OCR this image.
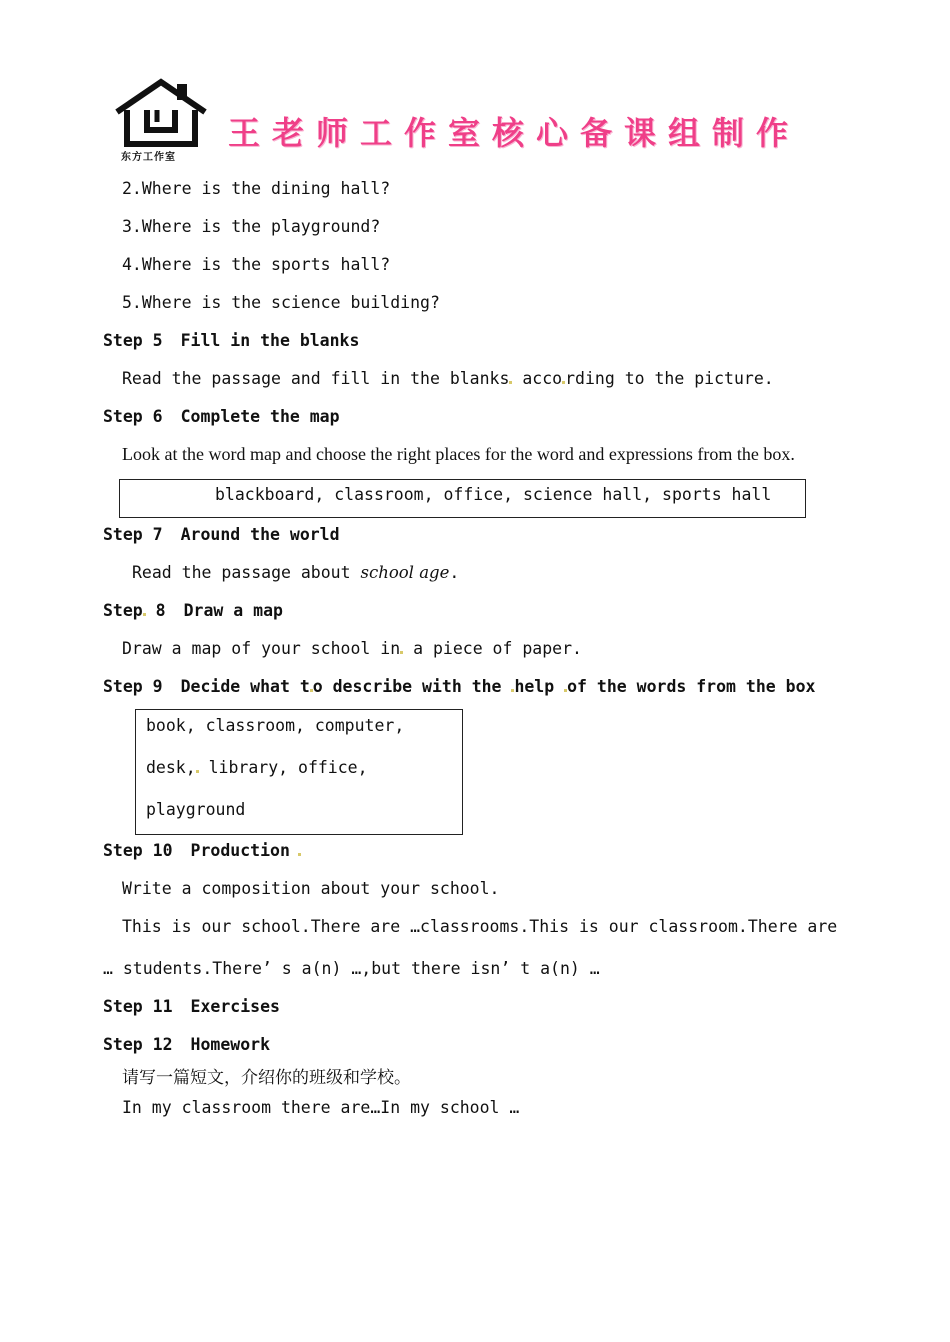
东方工作室
王老师工作室核心备课组制作
2.Where is the dining hall?
3.Where is the playground?
4.Where is the sports hall?
5.Where is the science building?
Step 5 Fill in the blanks
Read the passage and fill in the blanks acco rding to the picture.
Step 6 Complete the map
Look at the word map and choose the right places for the word and expressions from the box.
blackboard, classroom, office, science hall, sports hall
Step 7 Around the world
Read the passage about school age.
Step 8 Draw a map
Draw a map of your school in a piece of paper.
Step 9 Decide what t o describe with the help of the words from the box
book, classroom, computer,
desk, library, office,
playground
Step 10 Production
Write a composition about your school.
This is our school.There are …classrooms.This is our classroom.There are
… students.There’ s a(n) …,but there isn’ t a(n) …
Step 11 Exercises
Step 12 Homework
请写一篇短文，介绍你的班级和学校。
In my classroom there are…In my school …
